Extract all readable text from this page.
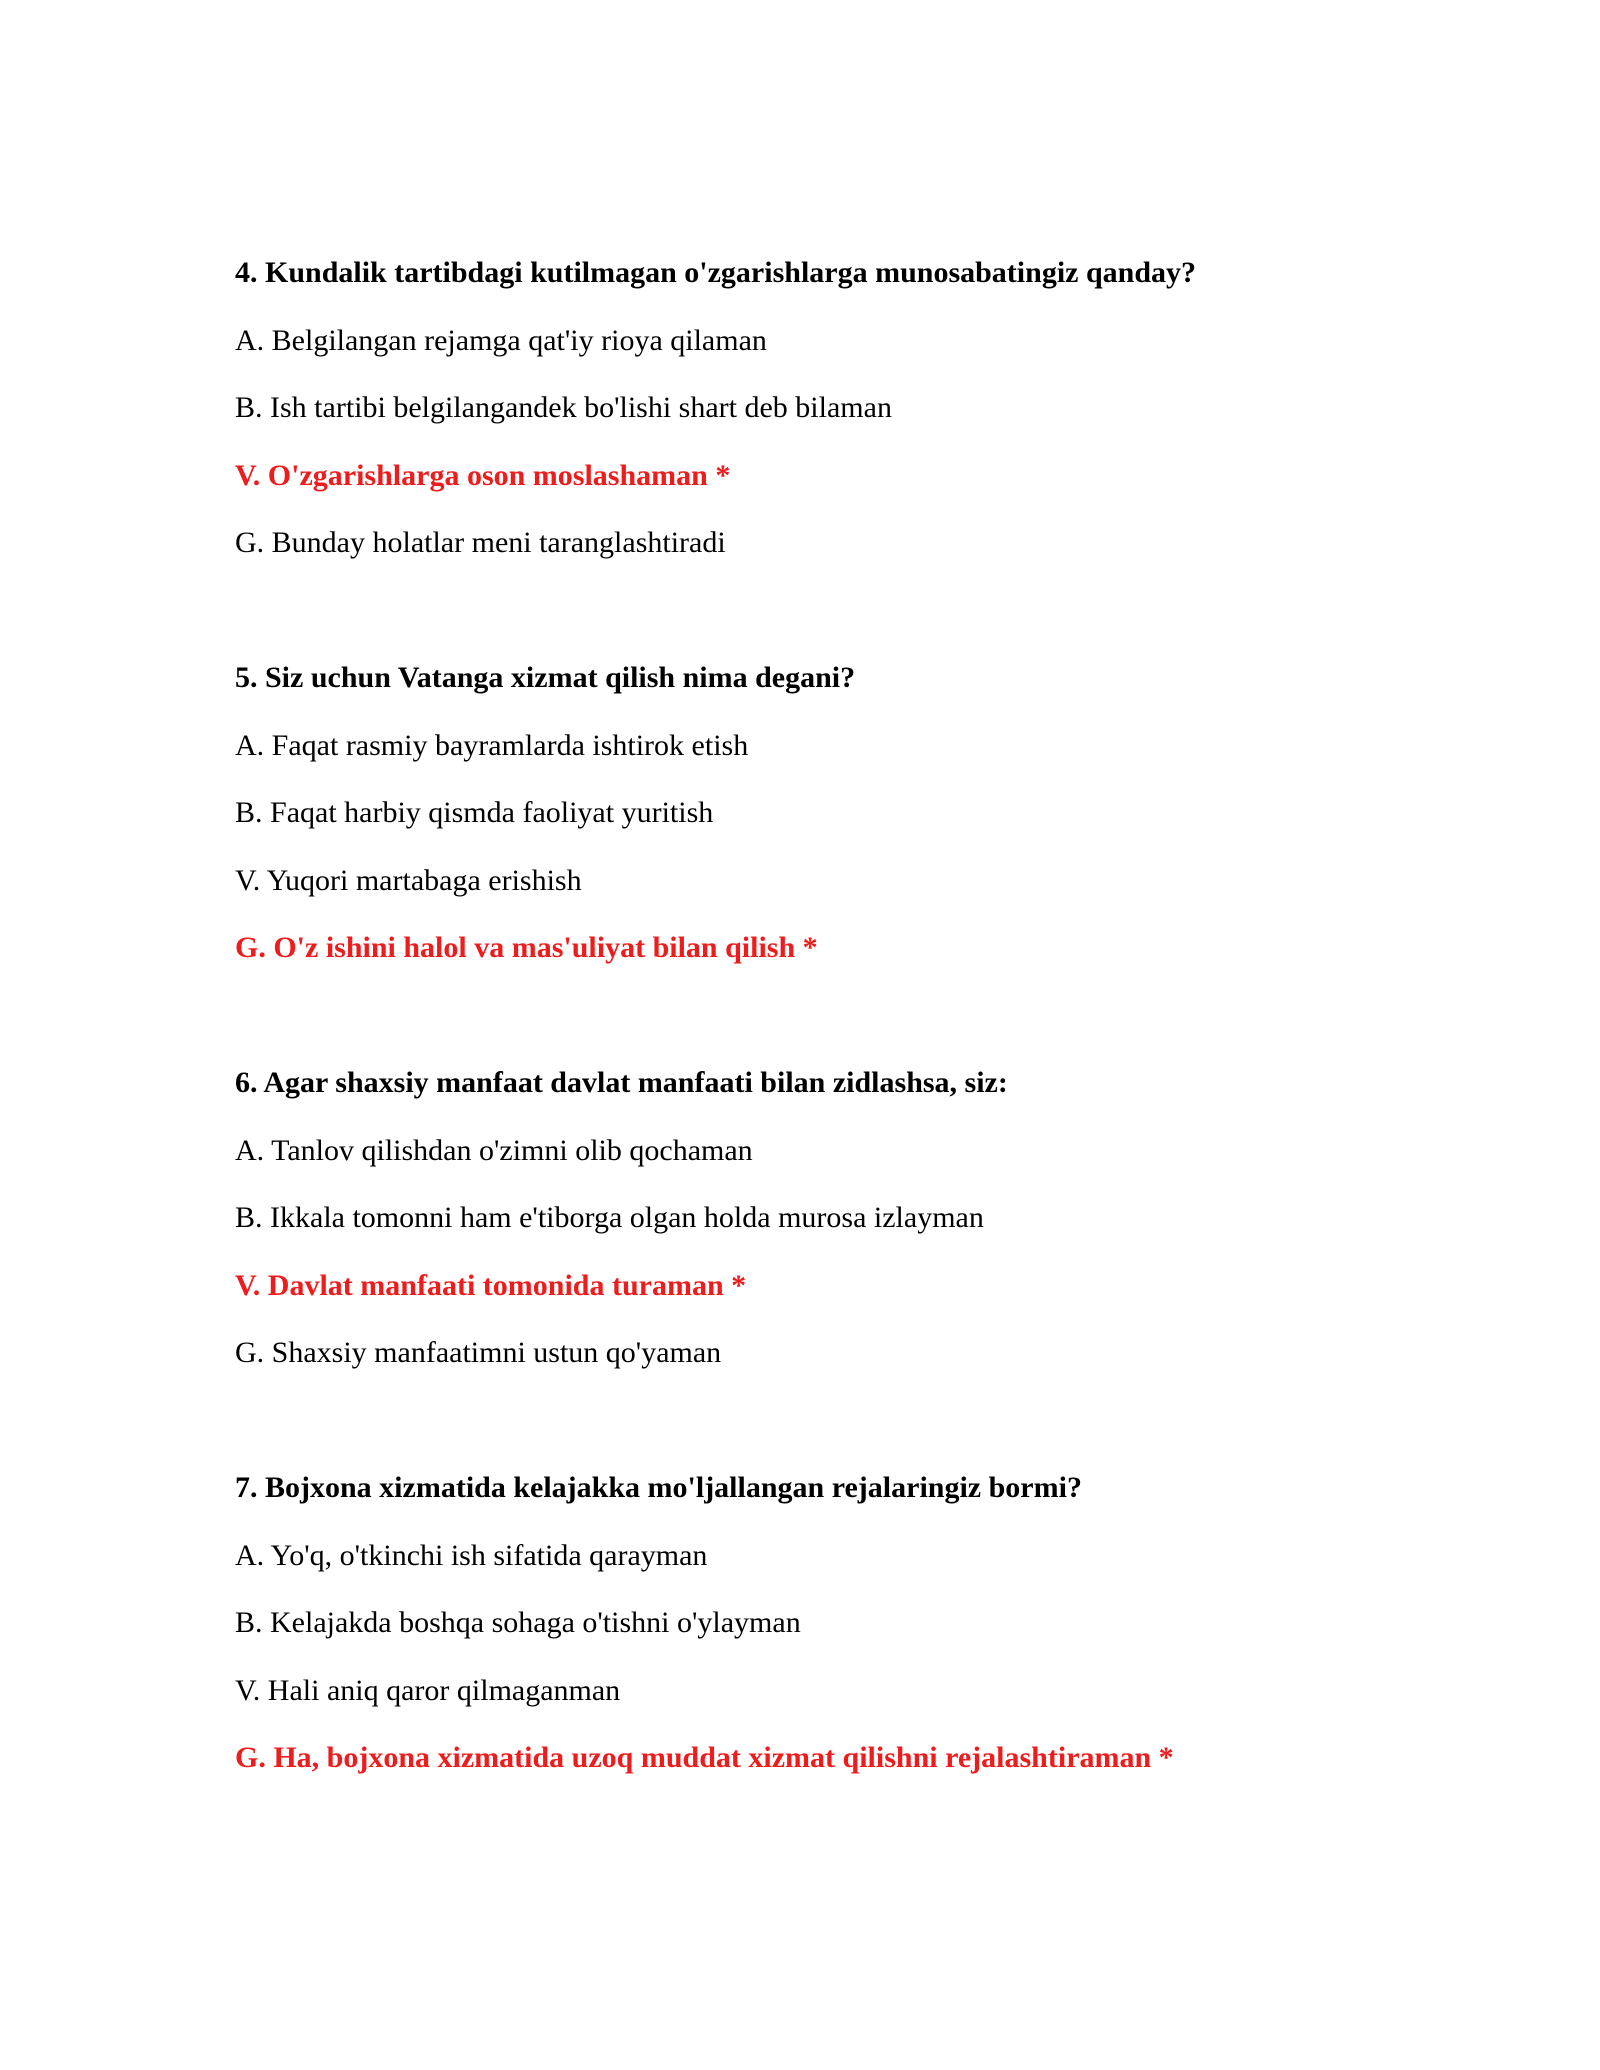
4. Kundalik tartibdagi kutilmagan o'zgarishlarga munosabatingiz qanday?

A. Belgilangan rejamga qat'iy rioya qilaman

B. Ish tartibi belgilangandek bo'lishi shart deb bilaman

V. O'zgarishlarga oson moslashaman *

G. Bunday holatlar meni taranglashtiradi

5. Siz uchun Vatanga xizmat qilish nima degani?

A. Faqat rasmiy bayramlarda ishtirok etish

B. Faqat harbiy qismda faoliyat yuritish

V. Yuqori martabaga erishish

G. O'z ishini halol va mas'uliyat bilan qilish *

6. Agar shaxsiy manfaat davlat manfaati bilan zidlashsa, siz:

A. Tanlov qilishdan o'zimni olib qochaman

B. Ikkala tomonni ham e'tiborga olgan holda murosa izlayman

V. Davlat manfaati tomonida turaman *

G. Shaxsiy manfaatimni ustun qo'yaman

7. Bojxona xizmatida kelajakka mo'ljallangan rejalaringiz bormi?

A. Yo'q, o'tkinchi ish sifatida qarayman

B. Kelajakda boshqa sohaga o'tishni o'ylayman

V. Hali aniq qaror qilmaganman

G. Ha, bojxona xizmatida uzoq muddat xizmat qilishni rejalashtiraman *
